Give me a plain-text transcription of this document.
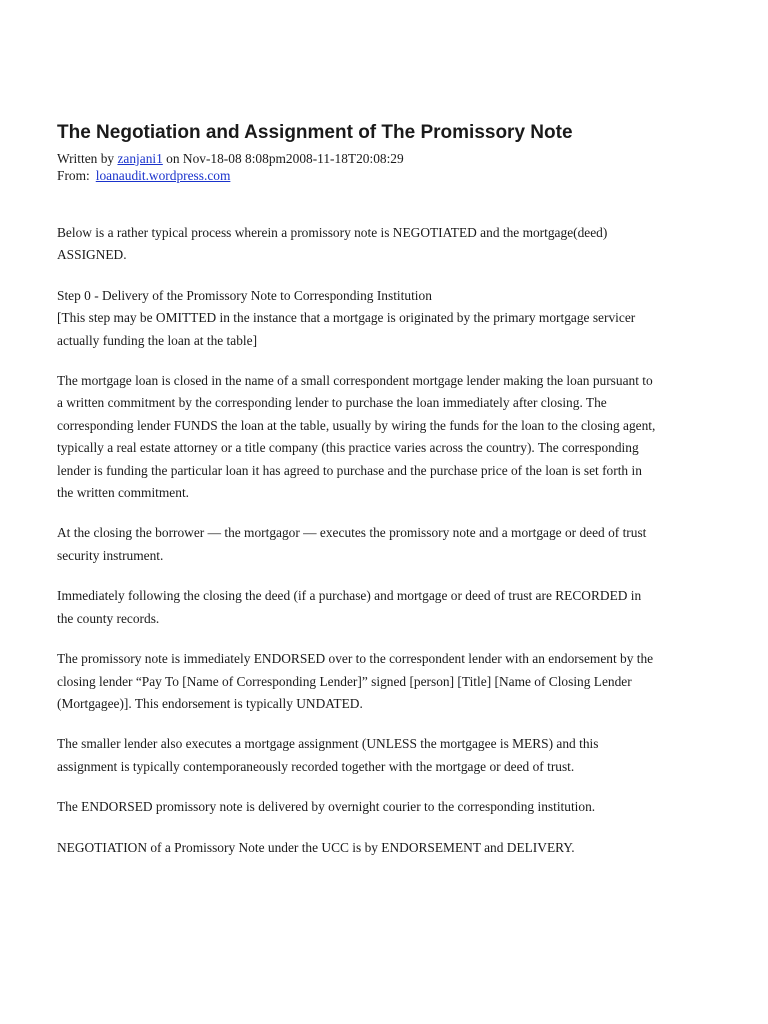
The Negotiation and Assignment of The Promissory Note
Written by zanjani1 on Nov-18-08 8:08pm2008-11-18T20:08:29
From: loanaudit.wordpress.com

Below is a rather typical process wherein a promissory note is NEGOTIATED and the mortgage(deed) ASSIGNED.

Step 0 - Delivery of the Promissory Note to Corresponding Institution

[This step may be OMITTED in the instance that a mortgage is originated by the primary mortgage servicer actually funding the loan at the table]

The mortgage loan is closed in the name of a small correspondent mortgage lender making the loan pursuant to a written commitment by the corresponding lender to purchase the loan immediately after closing. The corresponding lender FUNDS the loan at the table, usually by wiring the funds for the loan to the closing agent, typically a real estate attorney or a title company (this practice varies across the country). The corresponding lender is funding the particular loan it has agreed to purchase and the purchase price of the loan is set forth in the written commitment.

At the closing the borrower — the mortgagor — executes the promissory note and a mortgage or deed of trust security instrument.

Immediately following the closing the deed (if a purchase) and mortgage or deed of trust are RECORDED in the county records.

The promissory note is immediately ENDORSED over to the correspondent lender with an endorsement by the closing lender “Pay To [Name of Corresponding Lender]” signed [person] [Title] [Name of Closing Lender (Mortgagee)]. This endorsement is typically UNDATED.

The smaller lender also executes a mortgage assignment (UNLESS the mortgagee is MERS) and this assignment is typically contemporaneously recorded together with the mortgage or deed of trust.

The ENDORSED promissory note is delivered by overnight courier to the corresponding institution.

NEGOTIATION of a Promissory Note under the UCC is by ENDORSEMENT and DELIVERY.
